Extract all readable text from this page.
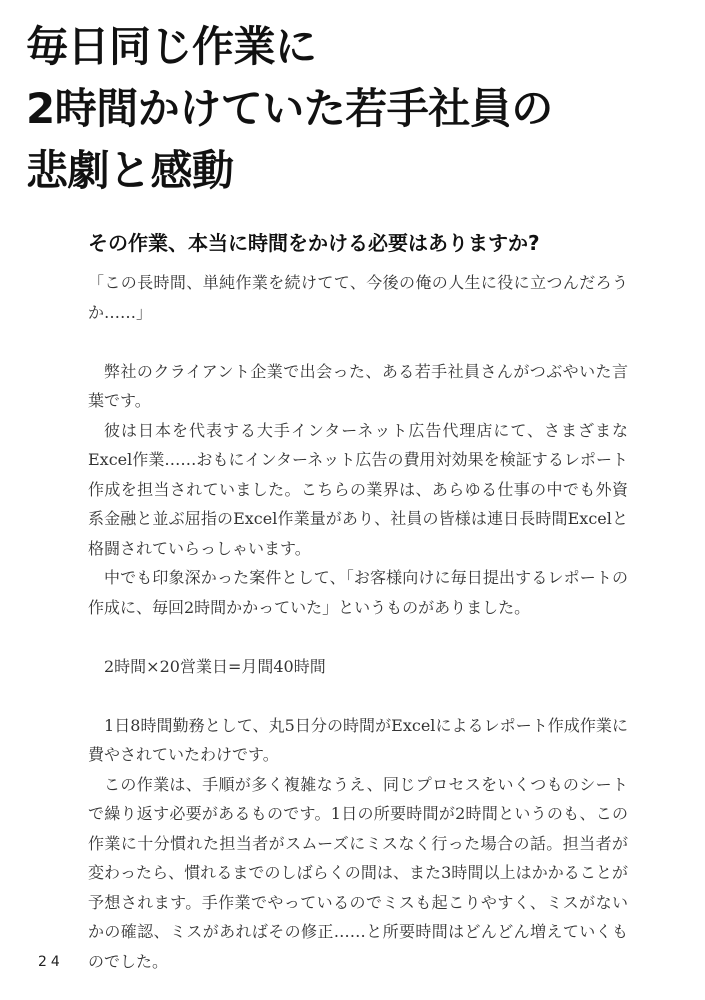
毎日同じ作業に
2時間かけていた若手社員の
悲劇と感動
その作業、本当に時間をかける必要はありますか?

「この長時間、単純作業を続けてて、今後の俺の人生に役に立つんだろうか……」

弊社のクライアント企業で出会った、ある若手社員さんがつぶやいた言葉です。

彼は日本を代表する大手インターネット広告代理店にて、さまざまなExcel作業……おもにインターネット広告の費用対効果を検証するレポート作成を担当されていました。こちらの業界は、あらゆる仕事の中でも外資系金融と並ぶ屈指のExcel作業量があり、社員の皆様は連日長時間Excelと格闘されていらっしゃいます。

中でも印象深かった案件として、「お客様向けに毎日提出するレポートの作成に、毎回2時間かかっていた」というものがありました。

2時間×20営業日=月間40時間

1日8時間勤務として、丸5日分の時間がExcelによるレポート作成作業に費やされていたわけです。

この作業は、手順が多く複雑なうえ、同じプロセスをいくつものシートで繰り返す必要があるものです。1日の所要時間が2時間というのも、この作業に十分慣れた担当者がスムーズにミスなく行った場合の話。担当者が変わったら、慣れるまでのしばらくの間は、また3時間以上はかかることが予想されます。手作業でやっているのでミスも起こりやすく、ミスがないかの確認、ミスがあればその修正……と所要時間はどんどん増えていくものでした。

24
